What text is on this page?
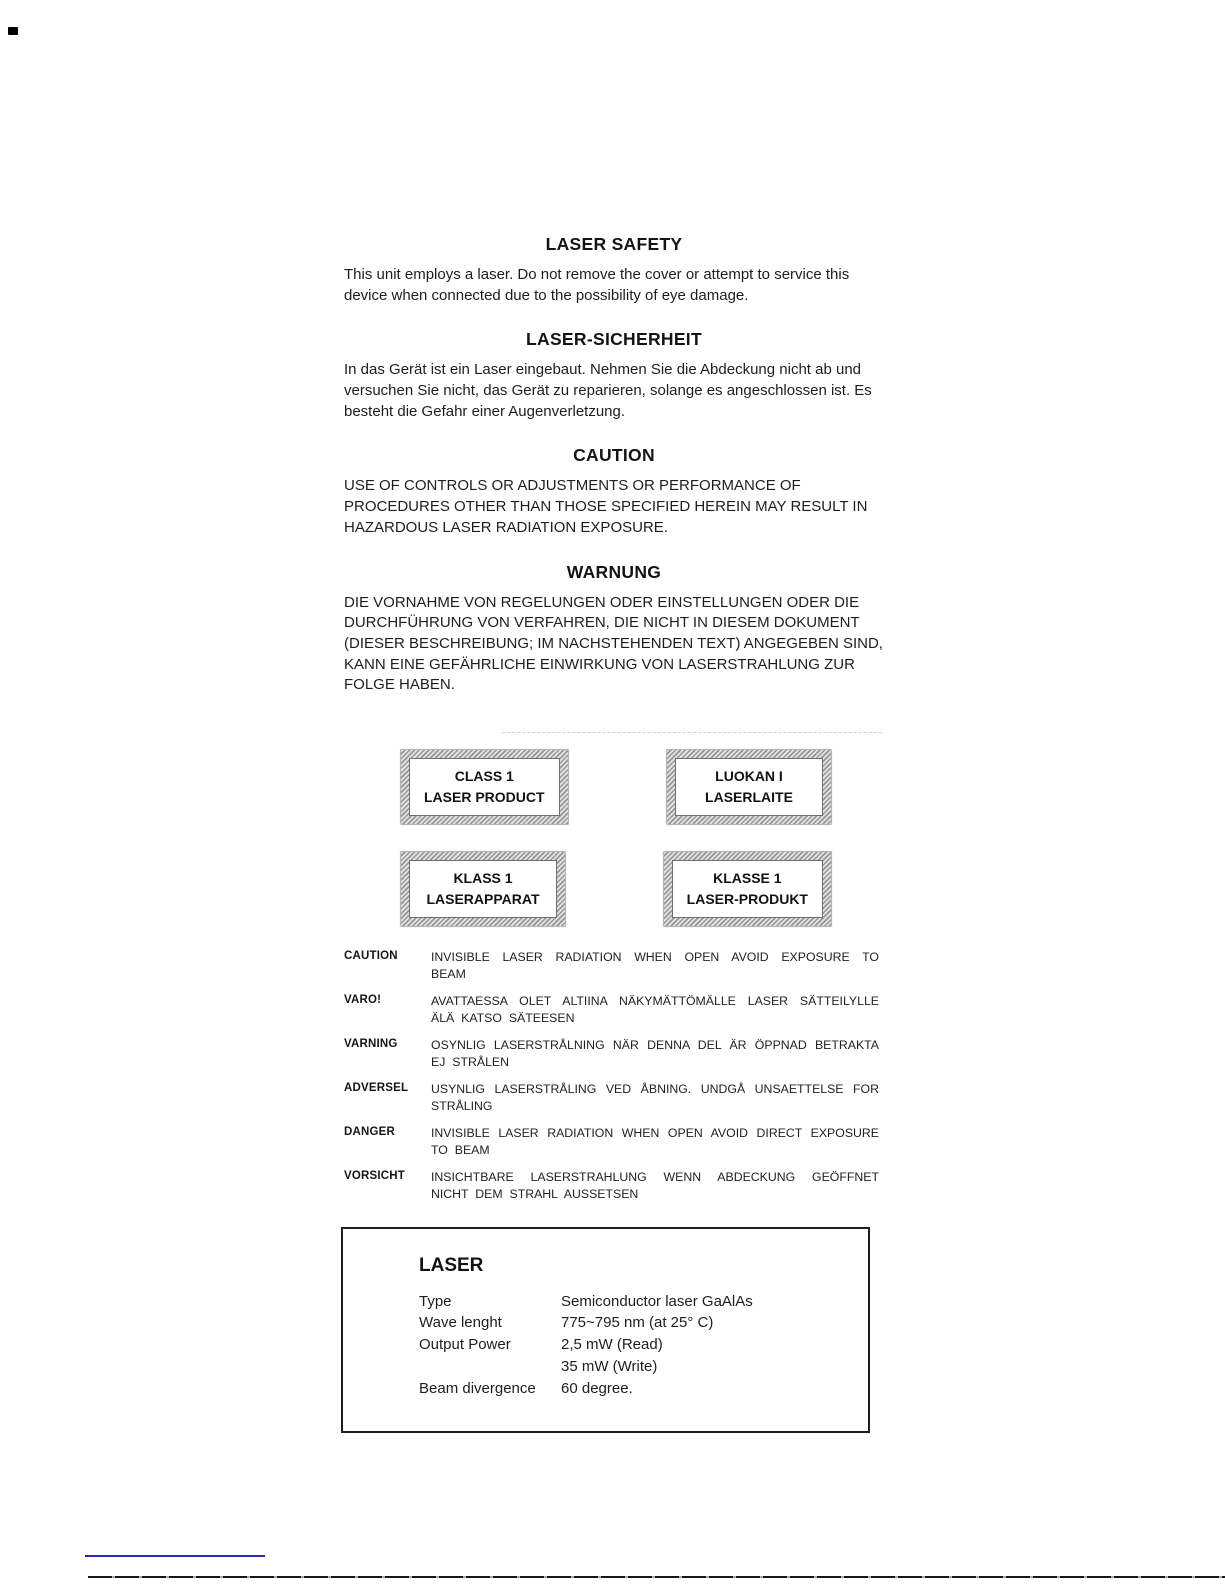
LASER SAFETY

This unit employs a laser. Do not remove the cover or attempt to service this device when connected due to the possibility of eye damage.

LASER-SICHERHEIT

In das Gerät ist ein Laser eingebaut. Nehmen Sie die Abdeckung nicht ab und versuchen Sie nicht, das Gerät zu reparieren, solange es angeschlossen ist. Es besteht die Gefahr einer Augenverletzung.

CAUTION

USE OF CONTROLS OR ADJUSTMENTS OR PERFORMANCE OF PROCEDURES OTHER THAN THOSE SPECIFIED HEREIN MAY RESULT IN HAZARDOUS LASER RADIATION EXPOSURE.

WARNUNG

DIE VORNAHME VON REGELUNGEN ODER EINSTELLUNGEN ODER DIE DURCHFÜHRUNG VON VERFAHREN, DIE NICHT IN DIESEM DOKUMENT (DIESER BESCHREIBUNG; IM NACHSTEHENDEN TEXT) ANGEGEBEN SIND, KANN EINE GEFÄHRLICHE EINWIRKUNG VON LASERSTRAHLUNG ZUR FOLGE HABEN.

CLASS 1
LASER PRODUCT
LUOKAN I
LASERLAITE
KLASS 1
LASERAPPARAT
KLASSE 1
LASER-PRODUKT
CAUTION	INVISIBLE LASER RADIATION WHEN OPEN AVOID EXPOSURE TO BEAM
VARO!	AVATTAESSA OLET ALTIINA NÄKYMÄTTÖMÄLLE LASER SÄTTEILYLLE ÄLÄ KATSO SÄTEESEN
VARNING	OSYNLIG LASERSTRÅLNING NÄR DENNA DEL ÄR ÖPPNAD BETRAKTA EJ STRÅLEN
ADVERSEL	USYNLIG LASERSTRÅLING VED ÅBNING. UNDGÅ UNSAETTELSE FOR STRÅLING
DANGER	INVISIBLE LASER RADIATION WHEN OPEN AVOID DIRECT EXPOSURE TO BEAM
VORSICHT	INSICHTBARE LASERSTRAHLUNG WENN ABDECKUNG GEÖFFNET NICHT DEM STRAHL AUSSETSEN
LASER
Type	Semiconductor laser GaAlAs
Wave lenght	775~795 nm (at 25° C)
Output Power	2,5 mW (Read)
35 mW (Write)
Beam divergence	60 degree.
